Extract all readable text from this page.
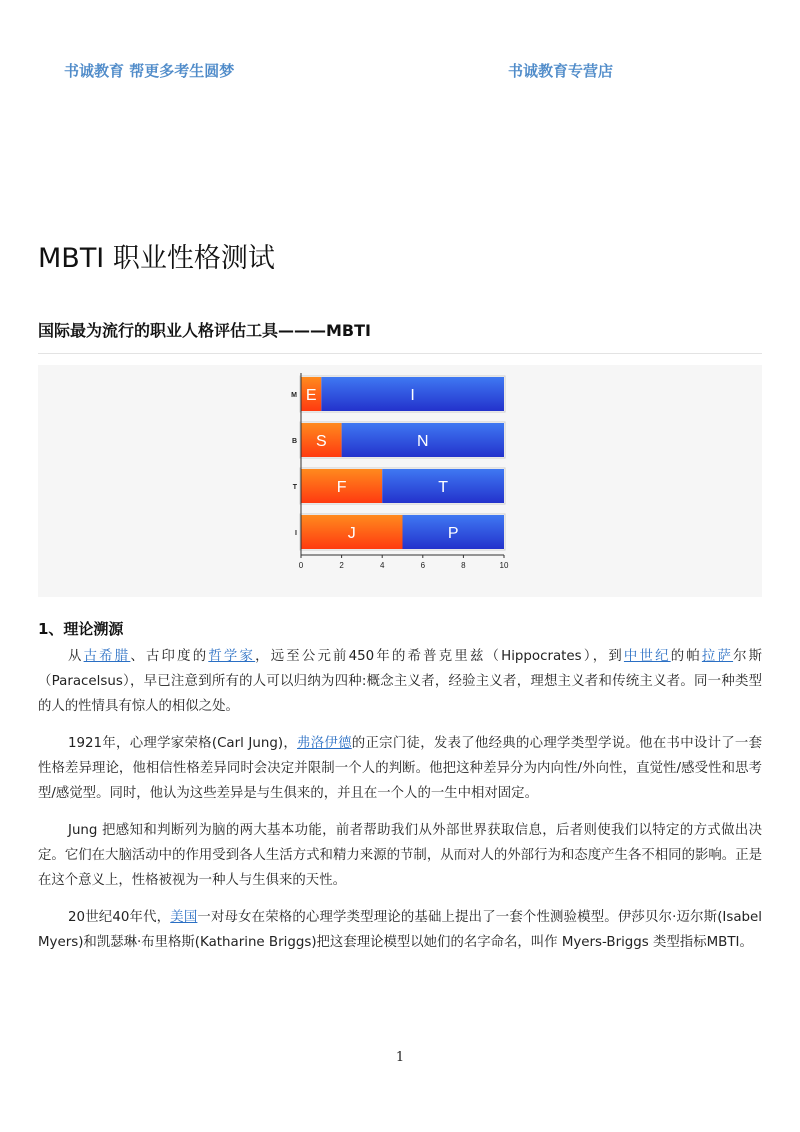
书诚教育 帮更多考生圆梦	书诚教育专营店
MBTI 职业性格测试
国际最为流行的职业人格评估工具———MBTI
E	I
M
S	N
B
F	T
T
J	P
I
0	2	4	6	8	10
1、理论溯源
从古希腊、古印度的哲学家，远至公元前450年的希普克里兹（Hippocrates），到中世纪的帕拉萨尔斯（Paracelsus），早已注意到所有的人可以归纳为四种:概念主义者，经验主义者，理想主义者和传统主义者。同一种类型的人的性情具有惊人的相似之处。
1921年，心理学家荣格(Carl Jung)，弗洛伊德的正宗门徒，发表了他经典的心理学类型学说。他在书中设计了一套性格差异理论，他相信性格差异同时会决定并限制一个人的判断。他把这种差异分为内向性/外向性，直觉性/感受性和思考型/感觉型。同时，他认为这些差异是与生俱来的，并且在一个人的一生中相对固定。
Jung 把感知和判断列为脑的两大基本功能，前者帮助我们从外部世界获取信息，后者则使我们以特定的方式做出决定。它们在大脑活动中的作用受到各人生活方式和精力来源的节制，从而对人的外部行为和态度产生各不相同的影响。正是在这个意义上，性格被视为一种人与生俱来的天性。
20世纪40年代，美国一对母女在荣格的心理学类型理论的基础上提出了一套个性测验模型。伊莎贝尔·迈尔斯(Isabel Myers)和凯瑟琳·布里格斯(Katharine Briggs)把这套理论模型以她们的名字命名，叫作 Myers-Briggs 类型指标MBTI。
1
